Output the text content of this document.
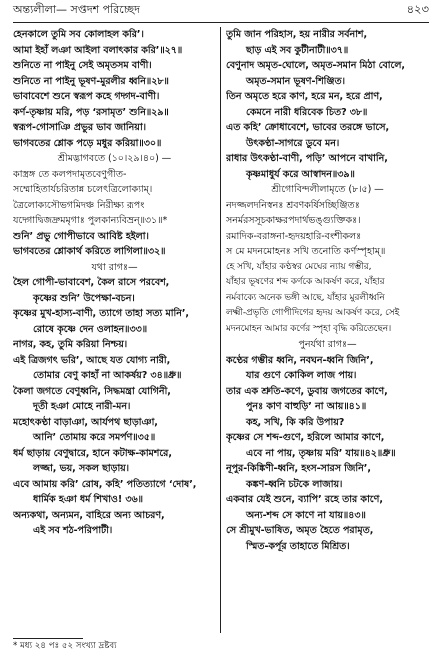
অন্ত্যলীলা— সপ্তদশ পরিচ্ছেদ	৪২৩
হেনকালে তুমি সব কোলাহল করি’।
আমা ইহাঁ লঞা আইলা বলাৎকার করি’॥২৭॥
শুনিতে না পাইনু সেই অমৃতসম বাণী।
শুনিতে না পাইনু ভূষণ-মুরলীর ধ্বনি॥২৮॥
ভাবাবেশে শুনে স্বরূপ কহে গদ্গদ-বাণী।
কর্ণ-তৃষ্ণায় মরি, পড় ‘রসামৃত’ শুনি॥২৯॥
স্বরূপ-গোসাঞি প্রভুর ভাব জানিয়া।
ভাগবতের শ্লোক পড়ে মধুর করিয়া॥৩০॥
শ্রীমদ্ভাগবতে (১০।২৯।৪০) —
কাস্ত্রঙ্গ তে কলপদামৃতবেণুগীত-
সম্মোহিতার্যচরিতান্ন চলেৎত্রিলোক্যাম্।
ত্রৈলোক্যসৌভগমিদঞ্চ নিরীক্ষ্য রূপং
যদ্গোদ্বিজদ্রুমমৃগাঃ পুলকান্যবিভ্রন্॥৩১॥*
শুনি’ প্রভু গোপীভাবে আবিষ্ট হইলা।
ভাগবতের শ্লোকার্থ করিতে লাগিলা॥৩২॥
যথা রাগঃ—
হৈল গোপী-ভাবাবেশ, কৈল রাসে পরবেশ,
কৃষ্ণের শুনি’ উপেক্ষা-বচন।
কৃষ্ণের মুখ-হাস্য-বাণী, ত্যাগে তাহা সত্য মানি’,
রোষে কৃষ্ণে দেন ওলাহন॥৩৩॥
নাগর, কহ, তুমি করিয়া নিশ্চয়।
এই ত্রিজগৎ ভরি’, আছে যত যোগ্য নারী,
তোমার বেণু কাহাঁ না আকর্ষয়? ৩৪॥ধ্রু॥
কৈলা জগতে বেণুধ্বনি, সিদ্ধমন্ত্রা যোগিনী,
দূতী হঞা মোহে নারী-মন।
মহোৎকণ্ঠা বাড়াঞা, আর্যপথ ছাড়াঞা,
আনি’ তোমায় করে সমর্পণ॥৩৫॥
ধর্ম ছাড়ায় বেণুদ্বারে, হানে কটাক্ষ-কামশরে,
লজ্জা, ভয়, সকল ছাড়ায়।
এবে আমায় করি’ রোষ, কহি’ পতিত্যাগে ‘দোষ’,
ধার্মিক হঞা ধর্ম শিখাও! ৩৬॥
অন্যকথা, অন্যমন, বাহিরে অন্য আচরণ,
এই সব শঠ-পরিপাটী।
তুমি জান পরিহাস, হয় নারীর সর্বনাশ,
ছাড় এই সব কুটীনাটী॥৩৭॥
বেণুনাদ অমৃত-ঘোলে, অমৃত-সমান মিঠা বোলে,
অমৃত-সমান ভূষণ-শিঞ্জিত।
তিন অমৃতে হরে কাণ, হরে মন, হরে প্রাণ,
কেমনে নারী ধরিবেক চিত? ৩৮॥
এত কহি’ ক্রোধাবেশে, ভাবের তরঙ্গে ভাসে,
উৎকণ্ঠা-সাগরে ডুবে মন।
রাধার উৎকণ্ঠা-বাণী, পড়ি’ আপনে বাখানি,
কৃষ্ণমাধুর্য করে আস্বাদন॥৩৯॥
শ্রীগোবিন্দলীলামৃতে (৮।৫) —
নদজ্জলদনিস্বনঃ শ্রবণকর্ষিসচ্ছিঞ্জিতঃ
সনর্মরসসূচকাক্ষরপদার্থভঙ্গ্যুক্তিকঃ।
রমাদিক-বরাঙ্গনা-হৃদয়হারি-বংশীকলঃ
স মে মদনমোহনঃ সখি তনোতি কর্ণস্পৃহাম্॥
হে সখি, যাঁহার কণ্ঠস্বর মেঘের ন্যায় গম্ভীর,
যাঁহার ভূষণের শব্দ কর্ণকে আকর্ষণ করে, যাঁহার
নর্মবাক্যে অনেক ভঙ্গী আছে, যাঁহার মুরলীধ্বনি
লক্ষ্মী-প্রভৃতি গোপীদিগের হৃদয় আকর্ষণ করে, সেই
মদনমোহন আমার কর্ণের স্পৃহা বৃদ্ধি করিতেছেন।
পুনর্যথা রাগঃ—
কণ্ঠের গম্ভীর ধ্বনি, নবঘন-ধ্বনি জিনি’,
যার গুণে কোকিল লাজ পায়।
তার এক শ্রুতি-কণে, ডুবায় জগতের কাণে,
পুনঃ কাণ বাহুড়ি’ না আয়॥৪১॥
কহ, সখি, কি করি উপায়?
কৃষ্ণের সে শব্দ-গুণে, হরিলে আমার কাণে,
এবে না পায়, তৃষ্ণায় মরি’ যায়॥৪২॥ধ্রু॥
নূপুর-কিঙ্কিণী-ধ্বনি, হংস-সারস জিনি’,
কঙ্কণ-ধ্বনি চটকে লাজায়।
একবার যেই শুনে, ব্যাপি’ রহে তার কাণে,
অন্য-শব্দ সে কাণে না যায়॥৪৩॥
সে শ্রীমুখ-ভাষিত, অমৃত হৈতে পরামৃত,
স্মিত-কর্পূর তাহাতে মিশ্রিত।
* মধ্য ২৪ পঃ ৫২ সংখ্যা দ্রষ্টব্য
